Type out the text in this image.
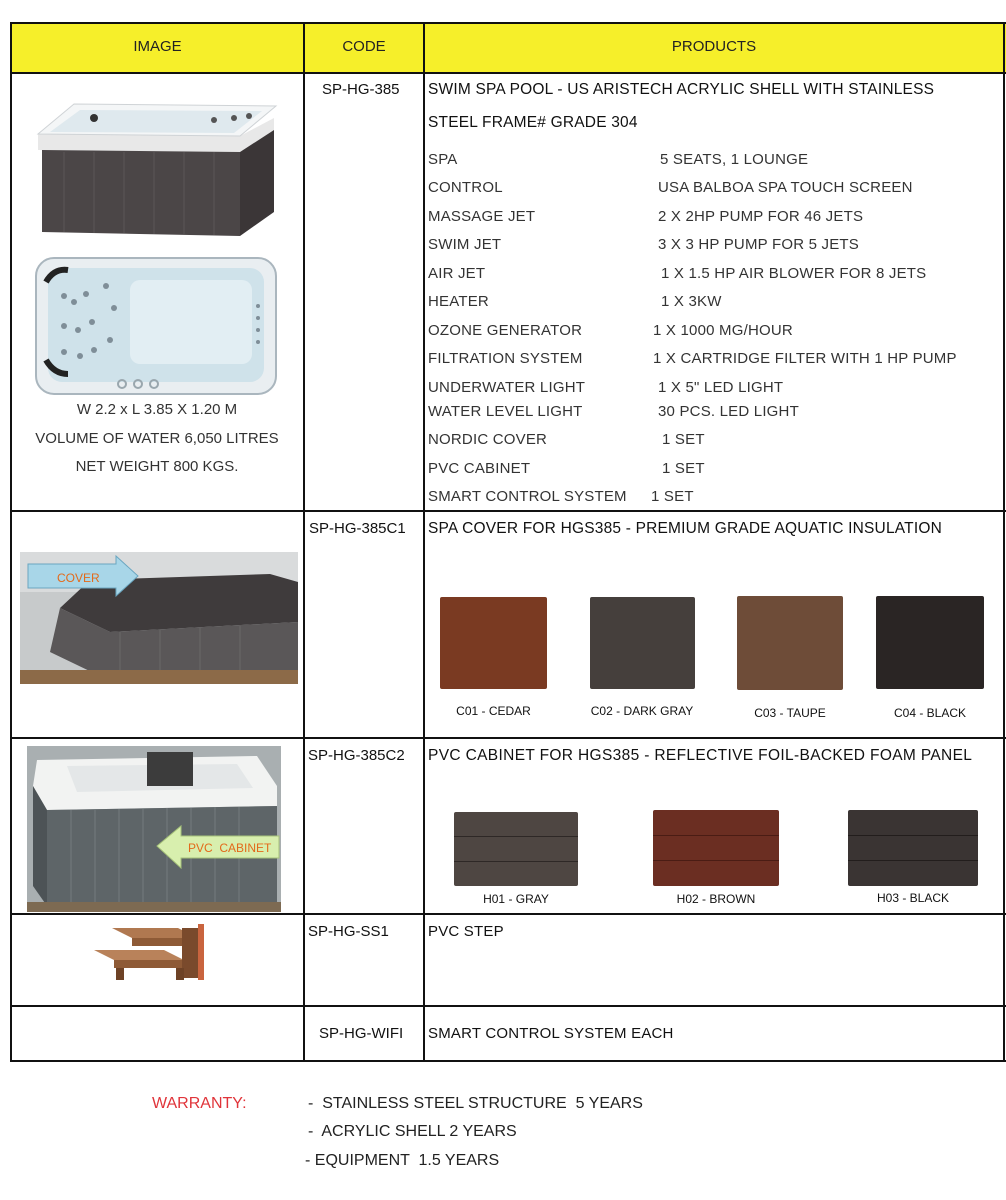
IMAGE	CODE	PRODUCTS
W 2.2 x L 3.85 X 1.20 M
VOLUME OF WATER 6,050 LITRES
NET WEIGHT 800 KGS.
SP-HG-385 SWIM SPA POOL - US ARISTECH ACRYLIC SHELL WITH STAINLESS
STEEL FRAME# GRADE 304
SPA	5 SEATS, 1 LOUNGE
CONTROL	USA BALBOA SPA TOUCH SCREEN
MASSAGE JET	2 X 2HP PUMP FOR 46 JETS
SWIM JET	3 X 3 HP PUMP FOR 5 JETS
AIR JET	1 X 1.5 HP AIR BLOWER FOR 8 JETS
HEATER	1 X 3KW
OZONE GENERATOR	1 X 1000 MG/HOUR
FILTRATION SYSTEM	1 X CARTRIDGE FILTER WITH 1 HP PUMP
UNDERWATER LIGHT	1 X 5" LED LIGHT
WATER LEVEL LIGHT	30 PCS. LED LIGHT
NORDIC COVER	1 SET
PVC CABINET	1 SET
SMART CONTROL SYSTEM 1 SET
COVER
SP-HG-385C1 SPA COVER FOR HGS385 - PREMIUM GRADE AQUATIC INSULATION
C01 - CEDAR	C02 - DARK GRAY	C03 - TAUPE	C04 - BLACK
PVC  CABINET
SP-HG-385C2 PVC CABINET FOR HGS385 - REFLECTIVE FOIL-BACKED FOAM PANEL
H01 - GRAY	H02 - BROWN	H03 - BLACK
SP-HG-SS1	PVC STEP
SP-HG-WIFI SMART CONTROL SYSTEM EACH
WARRANTY:	-  STAINLESS STEEL STRUCTURE  5 YEARS
-  ACRYLIC SHELL 2 YEARS
- EQUIPMENT  1.5 YEARS
